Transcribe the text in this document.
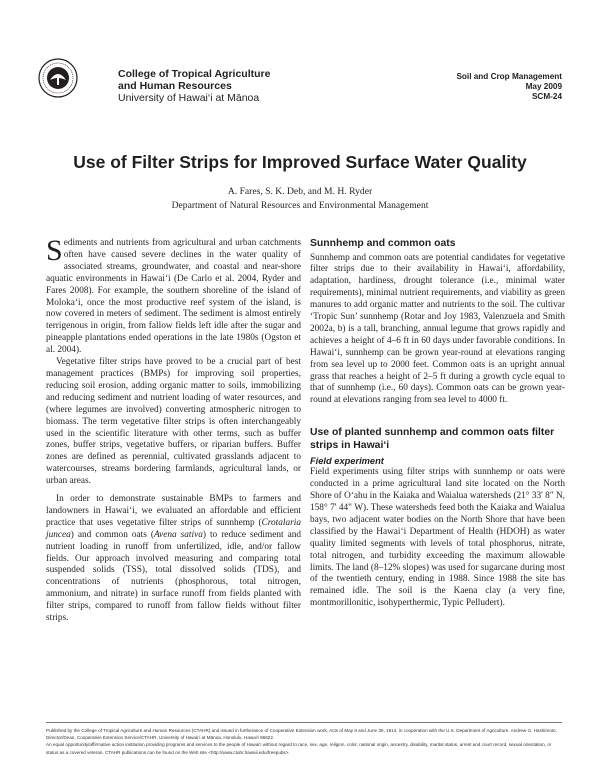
College of Tropical Agriculture
and Human Resources
University of Hawai‘i at Mānoa
Soil and Crop Management
May 2009
SCM-24
Use of Filter Strips for Improved Surface Water Quality
A. Fares, S. K. Deb, and M. H. Ryder
Department of Natural Resources and Environmental Management

Sediments and nutrients from agricultural and urban catchments often have caused severe declines in the water quality of associated streams, groundwater, and coastal and near-shore aquatic environments in Hawai‘i (De Carlo et al. 2004, Ryder and Fares 2008). For example, the southern shoreline of the island of Moloka‘i, once the most productive reef system of the island, is now covered in meters of sediment. The sediment is almost entirely terrigenous in origin, from fallow fields left idle after the sugar and pineapple plantations ended operations in the late 1980s (Ogston et al. 2004).

Vegetative filter strips have proved to be a crucial part of best management practices (BMPs) for improving soil properties, reducing soil erosion, adding organic matter to soils, immobilizing and reducing sediment and nutrient loading of water resources, and (where legumes are involved) converting atmospheric nitrogen to biomass. The term vegetative filter strips is often interchangeably used in the scientific literature with other terms, such as buffer zones, buffer strips, vegetative buffers, or riparian buffers. Buffer zones are defined as perennial, cultivated grasslands adjacent to watercourses, streams bordering farmlands, agricultural lands, or urban areas.

In order to demonstrate sustainable BMPs to farmers and landowners in Hawai‘i, we evaluated an affordable and efficient practice that uses vegetative filter strips of sunnhemp (Crotalaria juncea) and common oats (Avena sativa) to reduce sediment and nutrient loading in runoff from unfertilized, idle, and/or fallow fields. Our approach involved measuring and comparing total suspended solids (TSS), total dissolved solids (TDS), and concentrations of nutrients (phosphorous, total nitrogen, ammonium, and nitrate) in surface runoff from fields planted with filter strips, compared to runoff from fallow fields without filter strips.

Sunnhemp and common oats

Sunnhemp and common oats are potential candidates for vegetative filter strips due to their availability in Hawai‘i, affordability, adaptation, hardiness, drought tolerance (i.e., minimal water requirements), minimal nutrient requirements, and viability as green manures to add organic matter and nutrients to the soil. The cultivar ‘Tropic Sun’ sunnhemp (Rotar and Joy 1983, Valenzuela and Smith 2002a, b) is a tall, branching, annual legume that grows rapidly and achieves a height of 4–6 ft in 60 days under favorable conditions. In Hawai‘i, sunnhemp can be grown year-round at elevations ranging from sea level up to 2000 feet. Common oats is an upright annual grass that reaches a height of 2–5 ft during a growth cycle equal to that of sunnhemp (i.e., 60 days). Common oats can be grown year-round at elevations ranging from sea level to 4000 ft.

Use of planted sunnhemp and common oats filter strips in Hawai‘i
Field experiment

Field experiments using filter strips with sunnhemp or oats were conducted in a prime agricultural land site located on the North Shore of O‘ahu in the Kaiaka and Waialua watersheds (21° 33' 8" N, 158° 7' 44" W). These watersheds feed both the Kaiaka and Waialua bays, two adjacent water bodies on the North Shore that have been classified by the Hawai‘i Department of Health (HDOH) as water quality limited segments with levels of total phosphorus, nitrate, total nitrogen, and turbidity exceeding the maximum allowable limits. The land (8–12% slopes) was used for sugarcane during most of the twentieth century, ending in 1988. Since 1988 the site has remained idle. The soil is the Kaena clay (a very fine, montmorillonitic, isohyperthermic, Typic Pelludert).

Published by the College of Tropical Agriculture and Human Resources (CTAHR) and issued in furtherance of Cooperative Extension work, Acts of May 8 and June 30, 1914, in cooperation with the U.S. Department of Agriculture. Andrew G. Hashimoto, Director/Dean, Cooperative Extension Service/CTAHR, University of Hawai‘i at Mānoa, Honolulu, Hawai‘i 96822.
An equal opportunity/affirmative action institution providing programs and services to the people of Hawai‘i without regard to race, sex, age, religion, color, national origin, ancestry, disability, marital status, arrest and court record, sexual orientation, or status as a covered veteran. CTAHR publications can be found on the Web site <http://www.ctahr.hawaii.edu/freepubs>.
